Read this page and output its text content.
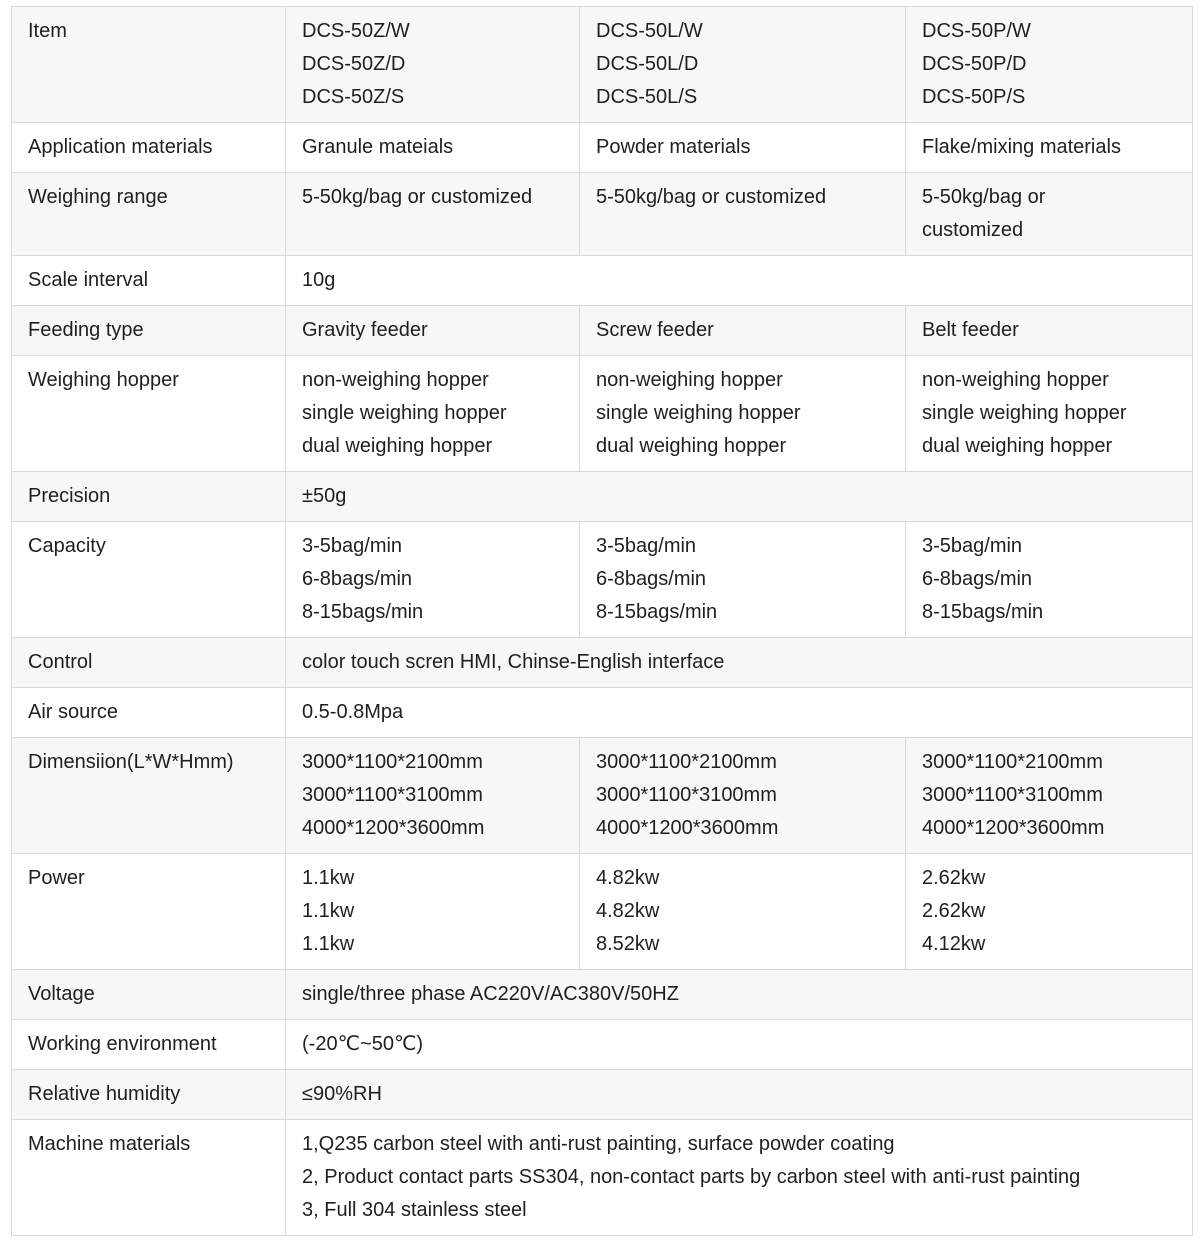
Item	DCS-50Z/W
DCS-50Z/D
DCS-50Z/S	DCS-50L/W
DCS-50L/D
DCS-50L/S	DCS-50P/W
DCS-50P/D
DCS-50P/S

Application materials	Granule mateials	Powder materials	Flake/mixing materials

Weighing range	5-50kg/bag or customized	5-50kg/bag or customized	5-50kg/bag or
customized

Scale interval	10g		

Feeding type	Gravity feeder	Screw feeder	Belt feeder

Weighing hopper	non-weighing hopper
single weighing hopper
dual weighing hopper	non-weighing hopper
single weighing hopper
dual weighing hopper	non-weighing hopper
single weighing hopper
dual weighing hopper

Precision	±50g		

Capacity	3-5bag/min
6-8bags/min
8-15bags/min	3-5bag/min
6-8bags/min
8-15bags/min	3-5bag/min
6-8bags/min
8-15bags/min

Control	color touch scren HMI, Chinse-English interface		

Air source	0.5-0.8Mpa		

Dimensiion(L*W*Hmm)	3000*1100*2100mm
3000*1100*3100mm
4000*1200*3600mm	3000*1100*2100mm
3000*1100*3100mm
4000*1200*3600mm	3000*1100*2100mm
3000*1100*3100mm
4000*1200*3600mm

Power	1.1kw
1.1kw
1.1kw	4.82kw
4.82kw
8.52kw	2.62kw
2.62kw
4.12kw

Voltage	single/three phase AC220V/AC380V/50HZ		

Working environment	(-20℃~50℃)		

Relative humidity	≤90%RH		

Machine materials	1,Q235 carbon steel with anti-rust painting, surface powder coating
2, Product contact parts SS304, non-contact parts by carbon steel with anti-rust painting
3, Full 304 stainless steel		
